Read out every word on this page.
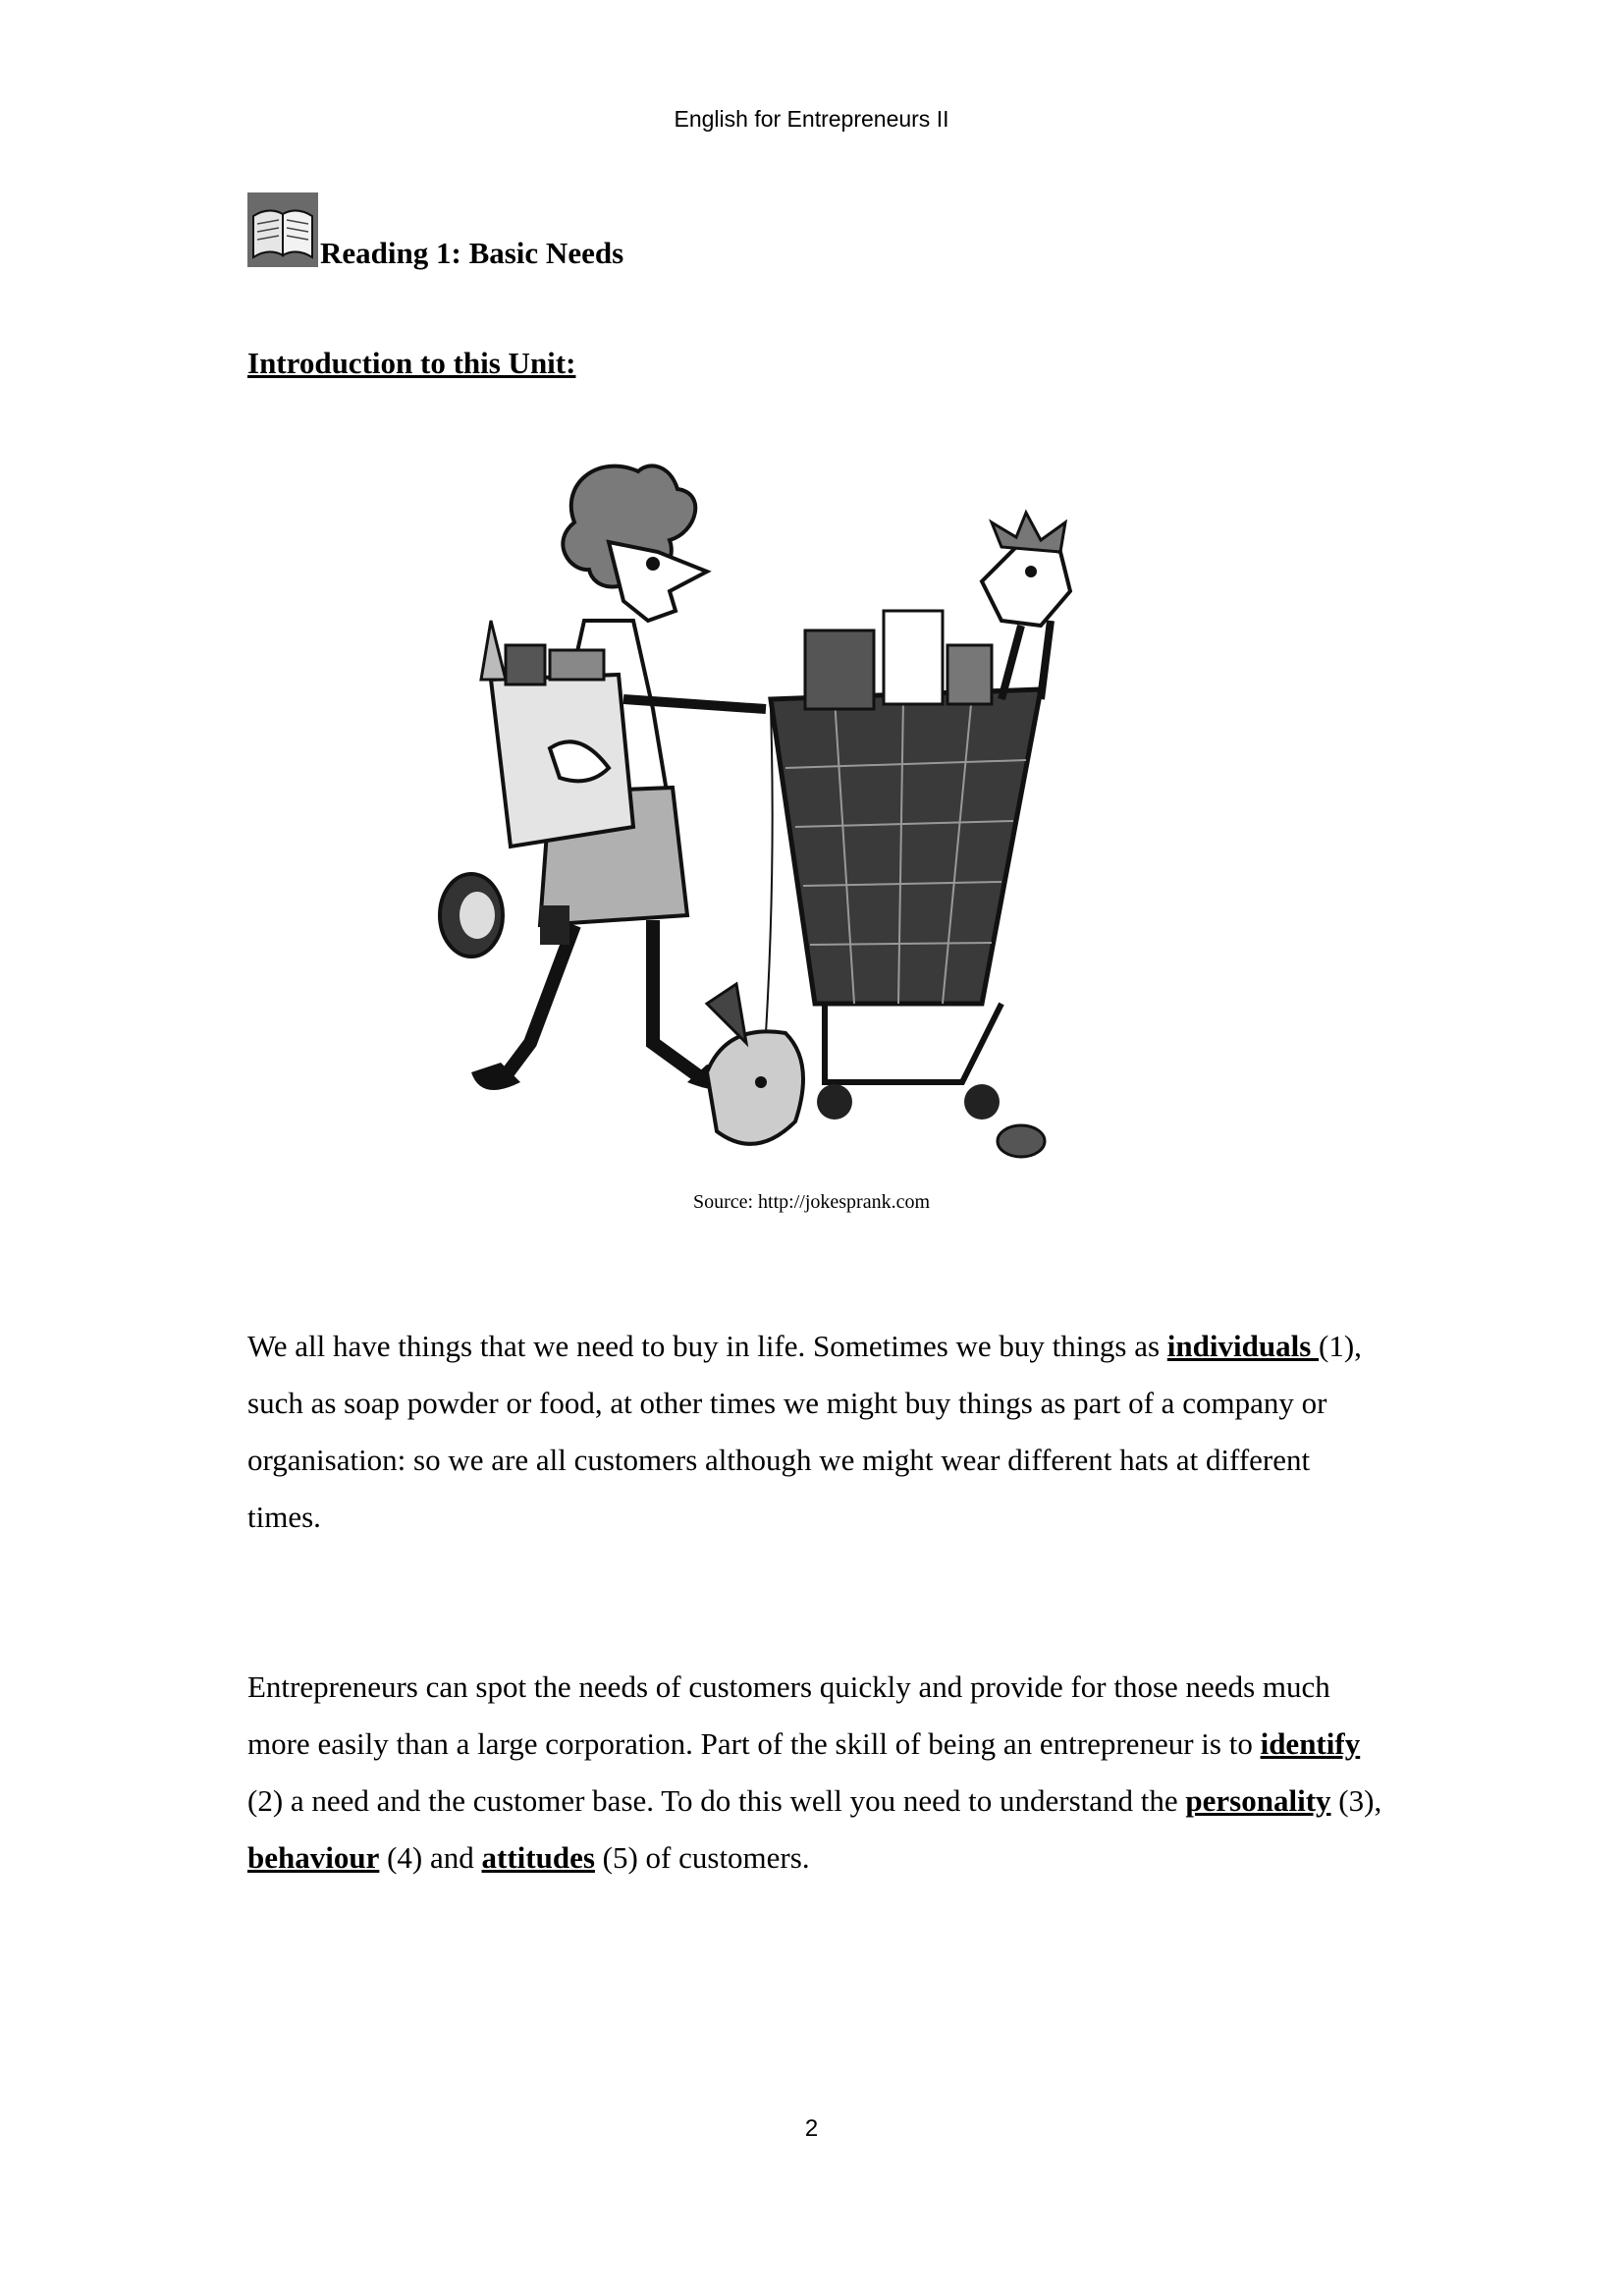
English for Entrepreneurs II
Reading 1: Basic Needs
Introduction to this Unit:
Source: http://jokesprank.com

We all have things that we need to buy in life. Sometimes we buy things as individuals (1), such as soap powder or food, at other times we might buy things as part of a company or organisation: so we are all customers although we might wear different hats at different times.

Entrepreneurs can spot the needs of customers quickly and provide for those needs much more easily than a large corporation. Part of the skill of being an entrepreneur is to identify (2) a need and the customer base. To do this well you need to understand the personality (3), behaviour (4) and attitudes (5) of customers.

2
